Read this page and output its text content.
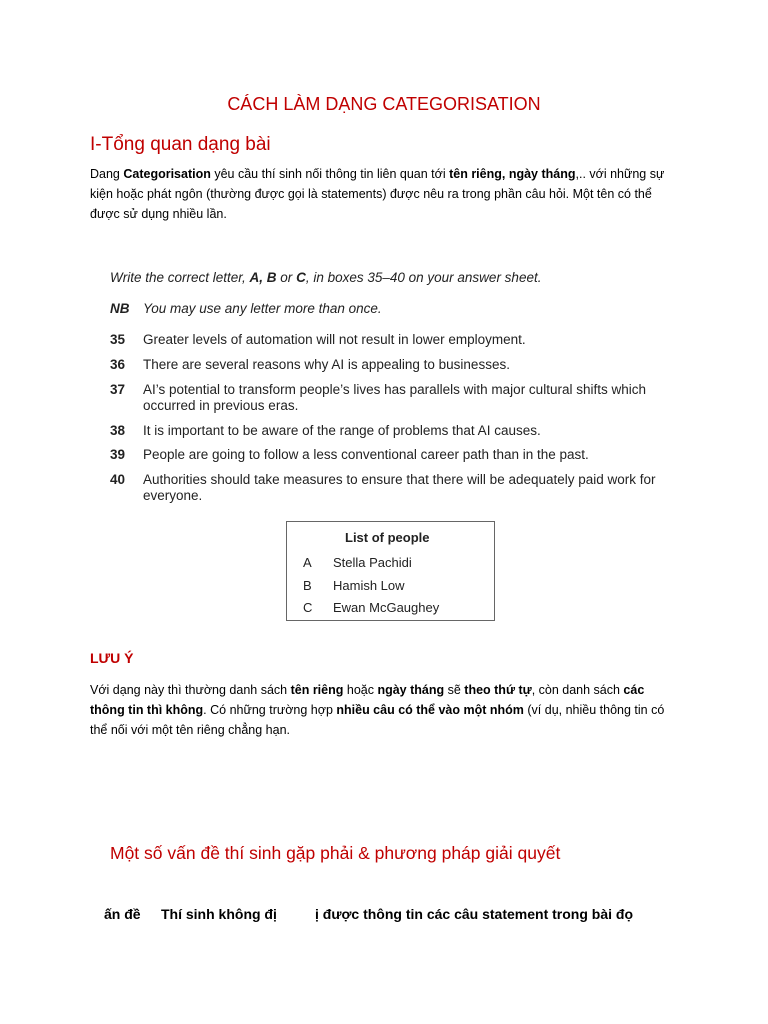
CÁCH LÀM DẠNG CATEGORISATION
I-Tổng quan dạng bài
Dang Categorisation yêu cầu thí sinh nối thông tin liên quan tới tên riêng, ngày tháng,.. với những sự kiện hoặc phát ngôn (thường được gọi là statements) được nêu ra trong phần câu hỏi. Một tên có thể được sử dụng nhiều lần.
Write the correct letter, A, B or C, in boxes 35–40 on your answer sheet.
NB You may use any letter more than once.
35 Greater levels of automation will not result in lower employment.
36 There are several reasons why AI is appealing to businesses.
37 AI’s potential to transform people’s lives has parallels with major cultural shifts which occurred in previous eras.
38 It is important to be aware of the range of problems that AI causes.
39 People are going to follow a less conventional career path than in the past.
40 Authorities should take measures to ensure that there will be adequately paid work for everyone.
List of people
A Stella Pachidi
B Hamish Low
C Ewan McGaughey
LƯU Ý
Với dạng này thì thường danh sách tên riêng hoặc ngày tháng sẽ theo thứ tự, còn danh sách các thông tin thì không. Có những trường hợp nhiều câu có thể vào một nhóm (ví dụ, nhiều thông tin có thể nối với một tên riêng chẳng hạn.
Một số vấn đề thí sinh gặp phải & phương pháp giải quyết
ấn đề Thí sinh không đị	ị được thông tin các câu statement trong bài đọ
